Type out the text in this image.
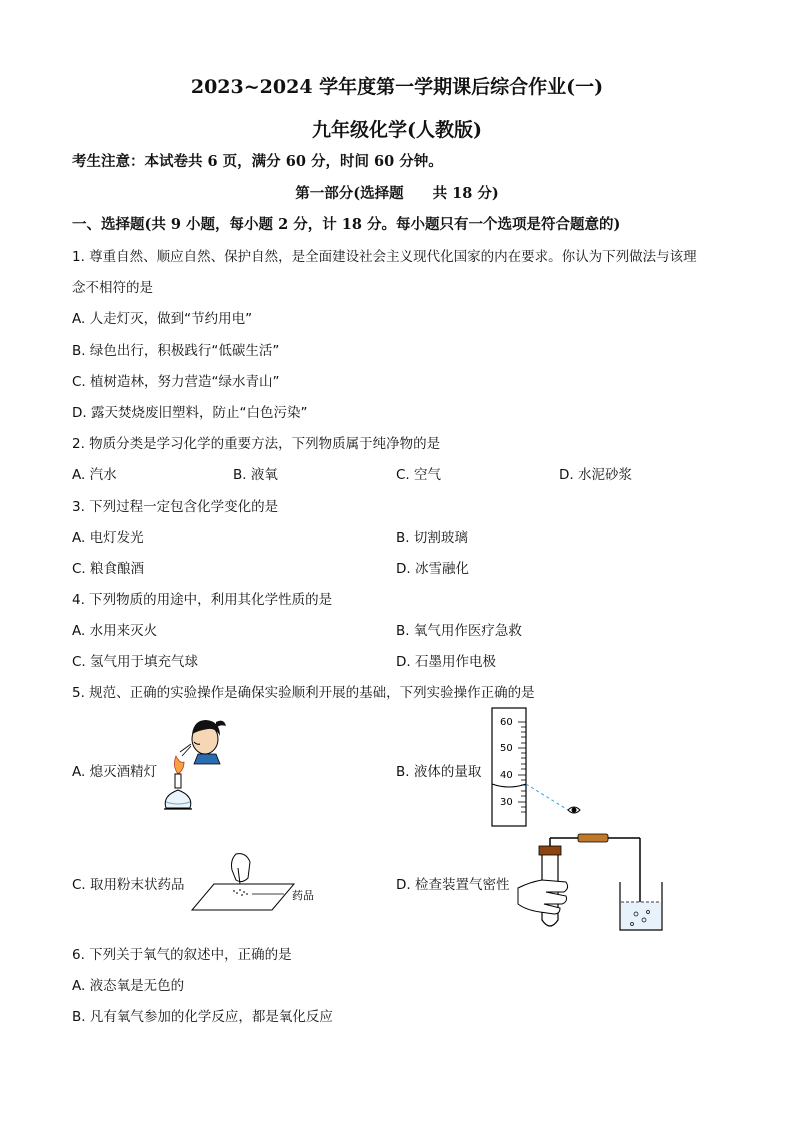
2023~2024 学年度第一学期课后综合作业(一)
九年级化学(人教版)
考生注意：本试卷共 6 页，满分 60 分，时间 60 分钟。
第一部分(选择题　　共 18 分)
一、选择题(共 9 小题，每小题 2 分，计 18 分。每小题只有一个选项是符合题意的)
1. 尊重自然、顺应自然、保护自然，是全面建设社会主义现代化国家的内在要求。你认为下列做法与该理
念不相符的是
A. 人走灯灭，做到“节约用电”
B. 绿色出行，积极践行“低碳生活”
C. 植树造林，努力营造“绿水青山”
D. 露天焚烧废旧塑料，防止“白色污染”
2. 物质分类是学习化学的重要方法，下列物质属于纯净物的是
A. 汽水	B. 液氧	C. 空气	D. 水泥砂浆
3. 下列过程一定包含化学变化的是
A. 电灯发光	B. 切割玻璃
C. 粮食酿酒	D. 冰雪融化
4. 下列物质的用途中，利用其化学性质的是
A. 水用来灭火	B. 氧气用作医疗急救
C. 氢气用于填充气球	D. 石墨用作电极
5. 规范、正确的实验操作是确保实验顺利开展的基础，下列实验操作正确的是
A. 熄灭酒精灯	B. 液体的量取
C. 取用粉末状药品	D. 检查装置气密性
60
50
40
30
药品
6. 下列关于氧气的叙述中，正确的是
A. 液态氧是无色的
B. 凡有氧气参加的化学反应，都是氧化反应
